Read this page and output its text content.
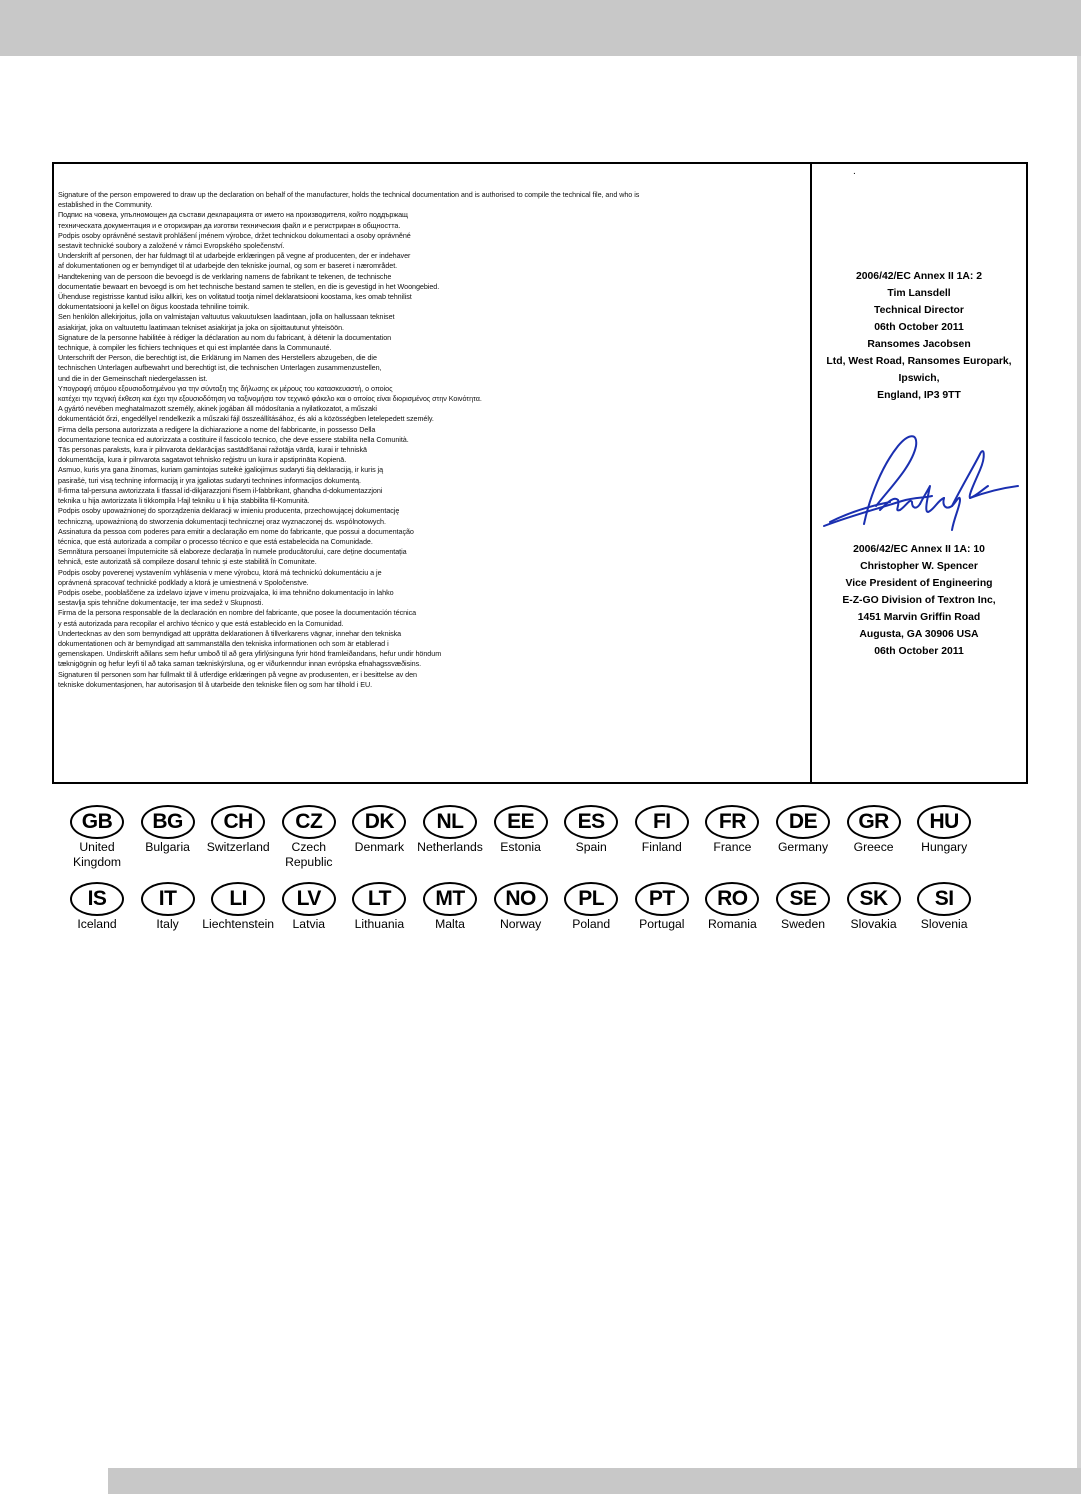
Signature of the person empowered to draw up the declaration on behalf of the manufacturer, holds the technical documentation and is authorised to compile the technical file, and who is
established in the Community.
Подпис на човека, упълномощен да състави декларацията от името на производителя, който поддържащ
техническата документация и е оторизиран да изготви техническия файл и е регистриран в общността.
Podpis osoby oprávněné sestavit prohlášení jménem výrobce, držet technickou dokumentaci a osoby oprávněné
sestavit technické soubory a založené v rámci Evropského společenství.
Underskrift af personen, der har fuldmagt til at udarbejde erklæringen på vegne af producenten, der er indehaver
af dokumentationen og er bemyndiget til at udarbejde den tekniske journal, og som er baseret i nærområdet.
Handtekening van de persoon die bevoegd is de verklaring namens de fabrikant te tekenen, de technische
documentatie bewaart en bevoegd is om het technische bestand samen te stellen, en die is gevestigd in het Woongebied.
Ühenduse registrisse kantud isiku allkiri, kes on volitatud tootja nimel deklaratsiooni koostama, kes omab tehnilist
dokumentatsiooni ja kellel on õigus koostada tehniline toimik.
Sen henkilön allekirjoitus, jolla on valmistajan valtuutus vakuutuksen laadintaan, jolla on hallussaan tekniset
asiakirjat, joka on valtuutettu laatimaan tekniset asiakirjat ja joka on sijoittautunut yhteisöön.
Signature de la personne habilitée à rédiger la déclaration au nom du fabricant, à détenir la documentation
technique, à compiler les fichiers techniques et qui est implantée dans la Communauté.
Unterschrift der Person, die berechtigt ist, die Erklärung im Namen des Herstellers abzugeben, die die
technischen Unterlagen aufbewahrt und berechtigt ist, die technischen Unterlagen zusammenzustellen,
und die in der Gemeinschaft niedergelassen ist.
Υπογραφή ατόμου εξουσιοδοτημένου για την σύνταξη της δήλωσης εκ μέρους του κατασκευαστή, ο οποίος
κατέχει την τεχνική έκθεση και έχει την εξουσιοδότηση να ταξινομήσει τον τεχνικό φάκελο και ο οποίος είναι διορισμένος στην Κοινότητα.
A gyártó nevében meghatalmazott személy, akinek jogában áll módosítania a nyilatkozatot, a műszaki
dokumentációt őrzi, engedéllyel rendelkezik a műszaki fájl összeállításához, és aki a közösségben letelepedett személy.
Firma della persona autorizzata a redigere la dichiarazione a nome del fabbricante, in possesso Della
documentazione tecnica ed autorizzata a costituire il fascicolo tecnico, che deve essere stabilita nella Comunità.
Tās personas paraksts, kura ir pilnvarota deklarācijas sastādīšanai ražotāja vārdā, kurai ir tehniskā
dokumentācija, kura ir pilnvarota sagatavot tehnisko reģistru un kura ir apstiprināta Kopienā.
Asmuo, kuris yra gana žinomas, kuriam gamintojas suteikė įgaliojimus sudaryti šią deklaraciją, ir kuris ją
pasirašė, turi visą techninę informaciją ir yra įgaliotas sudaryti technines informacijos dokumentą.
Il-firma tal-persuna awtorizzata li tfassal id-dikjarazzjoni f'isem il-fabbrikant, għandha d-dokumentazzjoni
teknika u hija awtorizzata li tikkompila l-fajl tekniku u li hija stabbilita fil-Komunità.
Podpis osoby upoważnionej do sporządzenia deklaracji w imieniu producenta, przechowującej dokumentację
techniczną, upoważnioną do stworzenia dokumentacji technicznej oraz wyznaczonej ds. wspólnotowych.
Assinatura da pessoa com poderes para emitir a declaração em nome do fabricante, que possui a documentação
técnica, que está autorizada a compilar o processo técnico e que está estabelecida na Comunidade.
Semnătura persoanei împuternicite să elaboreze declarația în numele producătorului, care deține documentația
tehnică, este autorizată să compileze dosarul tehnic și este stabilită în Comunitate.
Podpis osoby poverenej vystavením vyhlásenia v mene výrobcu, ktorá má technickú dokumentáciu a je
oprávnená spracovať technické podklady a ktorá je umiestnená v Spoločenstve.
Podpis osebe, pooblaščene za izdelavo izjave v imenu proizvajalca, ki ima tehnično dokumentacijo in lahko
sestavlja spis tehnične dokumentacije, ter ima sedež v Skupnosti.
Firma de la persona responsable de la declaración en nombre del fabricante, que posee la documentación técnica
y está autorizada para recopilar el archivo técnico y que está establecido en la Comunidad.
Undertecknas av den som bemyndigad att upprätta deklarationen å tillverkarens vägnar, innehar den tekniska
dokumentationen och är bemyndigad att sammanställa den tekniska informationen och som är etablerad i
gemenskapen. Undirskrift aðilans sem hefur umboð til að gera yfirlýsinguna fyrir hönd framleiðandans, hefur undir höndum
tæknigögnin og hefur leyfi til að taka saman tækniskýrsluna, og er viðurkenndur innan evrópska efnahagssvæðisins.
Signaturen til personen som har fullmakt til å utferdige erklæringen på vegne av produsenten, er i besittelse av den
tekniske dokumentasjonen, har autorisasjon til å utarbeide den tekniske filen og som har tilhold i EU.
.
2006/42/EC Annex II 1A: 2
Tim Lansdell
Technical Director
06th October 2011
Ransomes Jacobsen
Ltd, West Road, Ransomes Europark,
Ipswich,
England, IP3 9TT
2006/42/EC Annex II 1A: 10
Christopher W. Spencer
Vice President of Engineering
E-Z-GO Division of Textron Inc,
1451 Marvin Griffin Road
Augusta, GA 30906 USA
06th October 2011
GB
United
Kingdom
BG
Bulgaria
CH
Switzerland
CZ
Czech
Republic
DK
Denmark
NL
Netherlands
EE
Estonia
ES
Spain
FI
Finland
FR
France
DE
Germany
GR
Greece
HU
Hungary
IS
Iceland
IT
Italy
LI
Liechtenstein
LV
Latvia
LT
Lithuania
MT
Malta
NO
Norway
PL
Poland
PT
Portugal
RO
Romania
SE
Sweden
SK
Slovakia
SI
Slovenia
